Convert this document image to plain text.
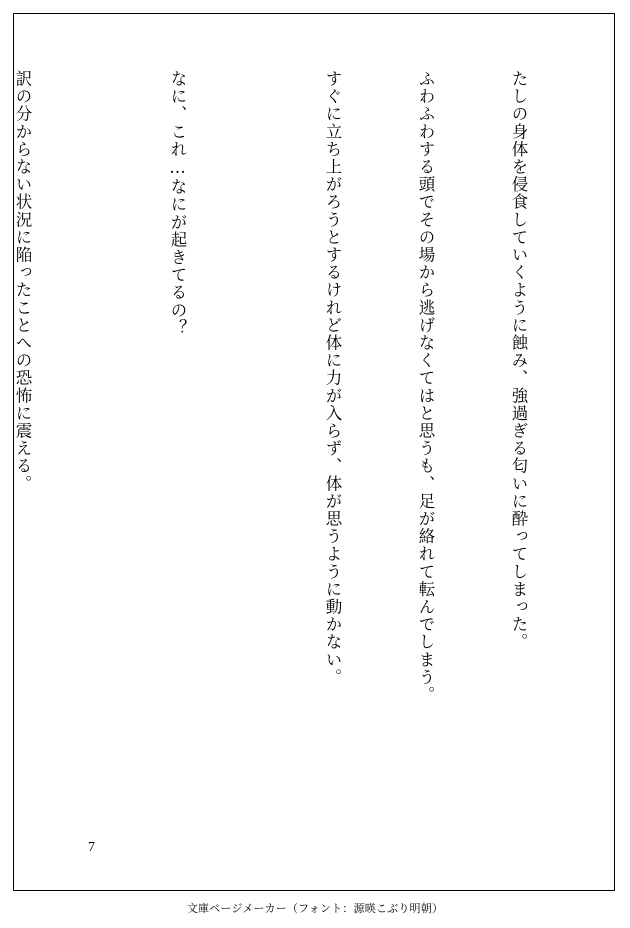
たしの身体を侵食していくように蝕み、強過ぎる匂いに酔ってしまった。

ふわふわする頭でその場から逃げなくてはと思うも、足が絡れて転んでしまう。

すぐに立ち上がろうとするけれど体に力が入らず、体が思うように動かない。

なに、これ…なにが起きてるの？

訳の分からない状況に陥ったことへの恐怖に震える。

7
文庫ページメーカー（フォント：源暎こぶり明朝）
